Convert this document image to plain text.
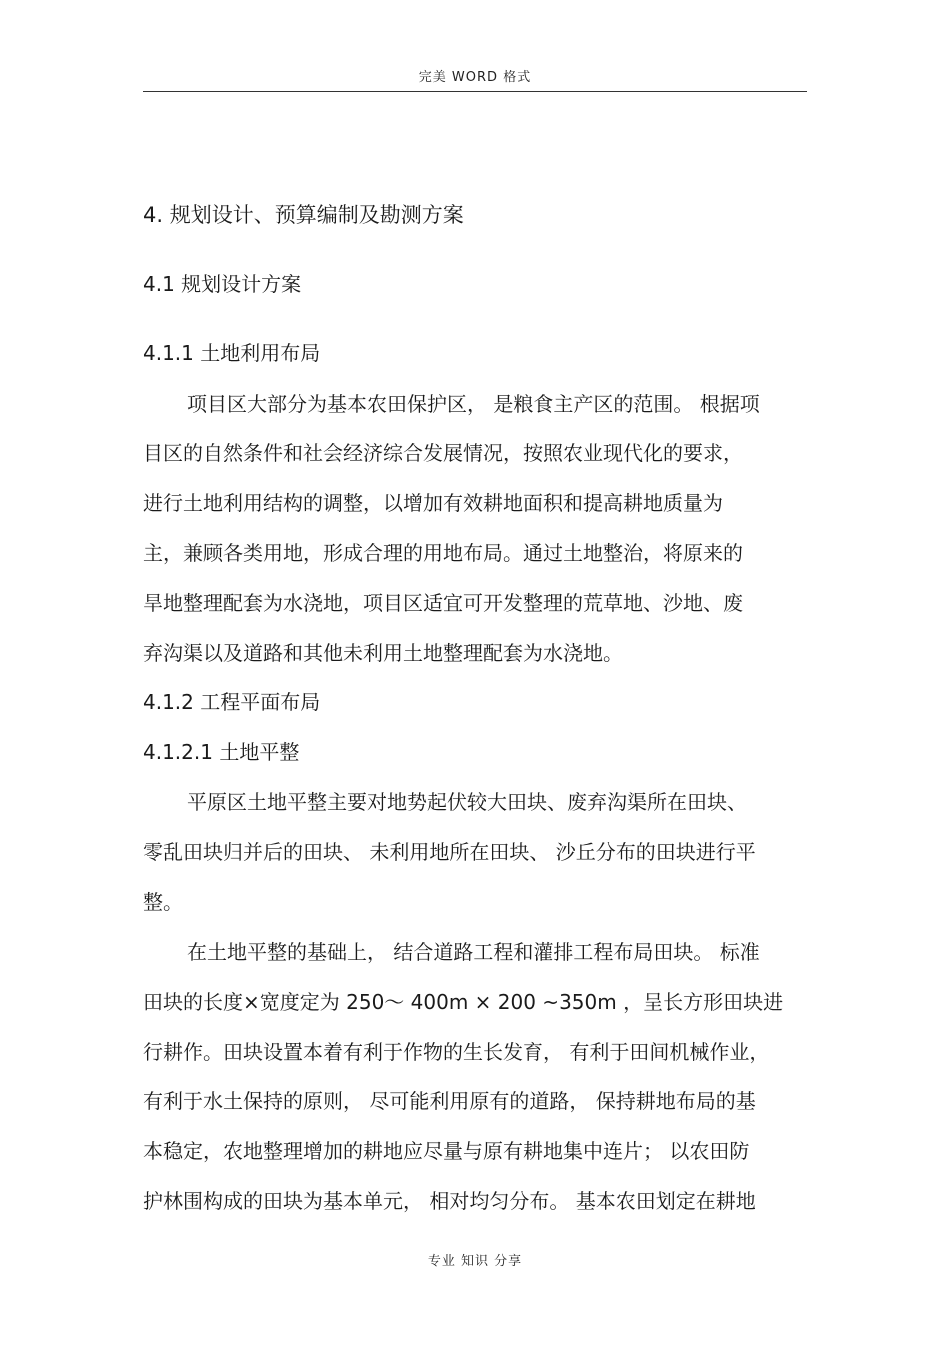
完美 WORD 格式
4. 规划设计、预算编制及勘测方案
4.1 规划设计方案
4.1.1 土地利用布局
项目区大部分为基本农田保护区， 是粮食主产区的范围。 根据项
目区的自然条件和社会经济综合发展情况，按照农业现代化的要求，
进行土地利用结构的调整，以增加有效耕地面积和提高耕地质量为
主，兼顾各类用地，形成合理的用地布局。通过土地整治，将原来的
旱地整理配套为水浇地，项目区适宜可开发整理的荒草地、沙地、废
弃沟渠以及道路和其他未利用土地整理配套为水浇地。
4.1.2 工程平面布局
4.1.2.1 土地平整
平原区土地平整主要对地势起伏较大田块、废弃沟渠所在田块、
零乱田块归并后的田块、 未利用地所在田块、 沙丘分布的田块进行平
整。
在土地平整的基础上， 结合道路工程和灌排工程布局田块。 标准
田块的长度×宽度定为 250～ 400m × 200 ~350m ，呈长方形田块进
行耕作。田块设置本着有利于作物的生长发育， 有利于田间机械作业，
有利于水土保持的原则， 尽可能利用原有的道路， 保持耕地布局的基
本稳定，农地整理增加的耕地应尽量与原有耕地集中连片； 以农田防
护林围构成的田块为基本单元， 相对均匀分布。 基本农田划定在耕地
专业 知识 分享
